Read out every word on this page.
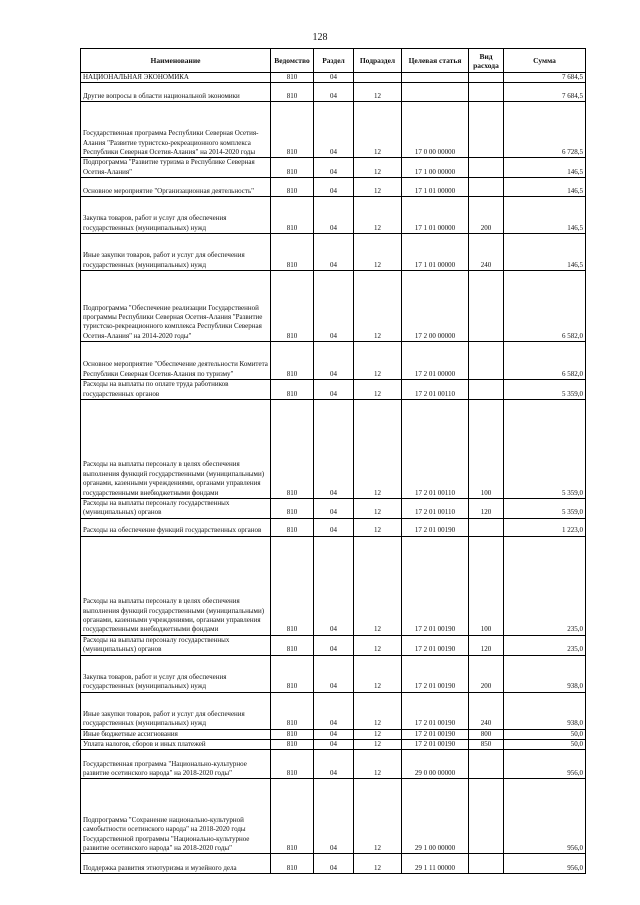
128
Наименование	Ведомство	Раздел	Подраздел	Целевая статья	Вид расхода	Сумма
НАЦИОНАЛЬНАЯ ЭКОНОМИКА	810	04				7 684,5
Другие вопросы в области национальной экономики	810	04	12			7 684,5
Государственная программа Республики Северная Осетия-Алания "Развитие туристско-рекреационного комплекса Республики Северная Осетия-Алания" на 2014-2020 годы	810	04	12	17 0 00 00000		6 728,5
Подпрограмма "Развитие туризма в Республике Северная Осетия-Алания"	810	04	12	17 1 00 00000		146,5
Основное мероприятие "Организационная деятельность"	810	04	12	17 1 01 00000		146,5
Закупка товаров, работ и услуг для обеспечения государственных (муниципальных) нужд	810	04	12	17 1 01 00000	200	146,5
Иные закупки товаров, работ и услуг для обеспечения государственных (муниципальных) нужд	810	04	12	17 1 01 00000	240	146,5
Подпрограмма "Обеспечение реализации Государственной программы Республики Северная Осетия-Алания "Развитие туристско-рекреационного комплекса Республики Северная Осетия-Алания" на 2014-2020 годы"	810	04	12	17 2 00 00000		6 582,0
Основное мероприятие "Обеспечение деятельности Комитета Республики Северная Осетия-Алания по туризму"	810	04	12	17 2 01 00000		6 582,0
Расходы на выплаты по оплате труда работников государственных органов	810	04	12	17 2 01 00110		5 359,0
Расходы на выплаты персоналу в целях обеспечения выполнения функций государственными (муниципальными) органами, казенными учреждениями, органами управления государственными внебюджетными фондами	810	04	12	17 2 01 00110	100	5 359,0
Расходы на выплаты персоналу государственных (муниципальных) органов	810	04	12	17 2 01 00110	120	5 359,0
Расходы на обеспечение функций государственных органов	810	04	12	17 2 01 00190		1 223,0
Расходы на выплаты персоналу в целях обеспечения выполнения функций государственными (муниципальными) органами, казенными учреждениями, органами управления государственными внебюджетными фондами	810	04	12	17 2 01 00190	100	235,0
Расходы на выплаты персоналу государственных (муниципальных) органов	810	04	12	17 2 01 00190	120	235,0
Закупка товаров, работ и услуг для обеспечения государственных (муниципальных) нужд	810	04	12	17 2 01 00190	200	938,0
Иные закупки товаров, работ и услуг для обеспечения государственных (муниципальных) нужд	810	04	12	17 2 01 00190	240	938,0
Иные бюджетные ассигнования	810	04	12	17 2 01 00190	800	50,0
Уплата налогов, сборов и иных платежей	810	04	12	17 2 01 00190	850	50,0
Государственная программа "Национально-культурное развитие осетинского народа" на 2018-2020 годы"	810	04	12	29 0 00 00000		956,0
Подпрограмма "Сохранение национально-культурной самобытности осетинского народа" на 2018-2020 годы Государственной программы "Национально-культурное развитие осетинского народа" на 2018-2020 годы"	810	04	12	29 1 00 00000		956,0
Поддержка развития этнотуризма и музейного дела	810	04	12	29 1 11 00000		956,0
